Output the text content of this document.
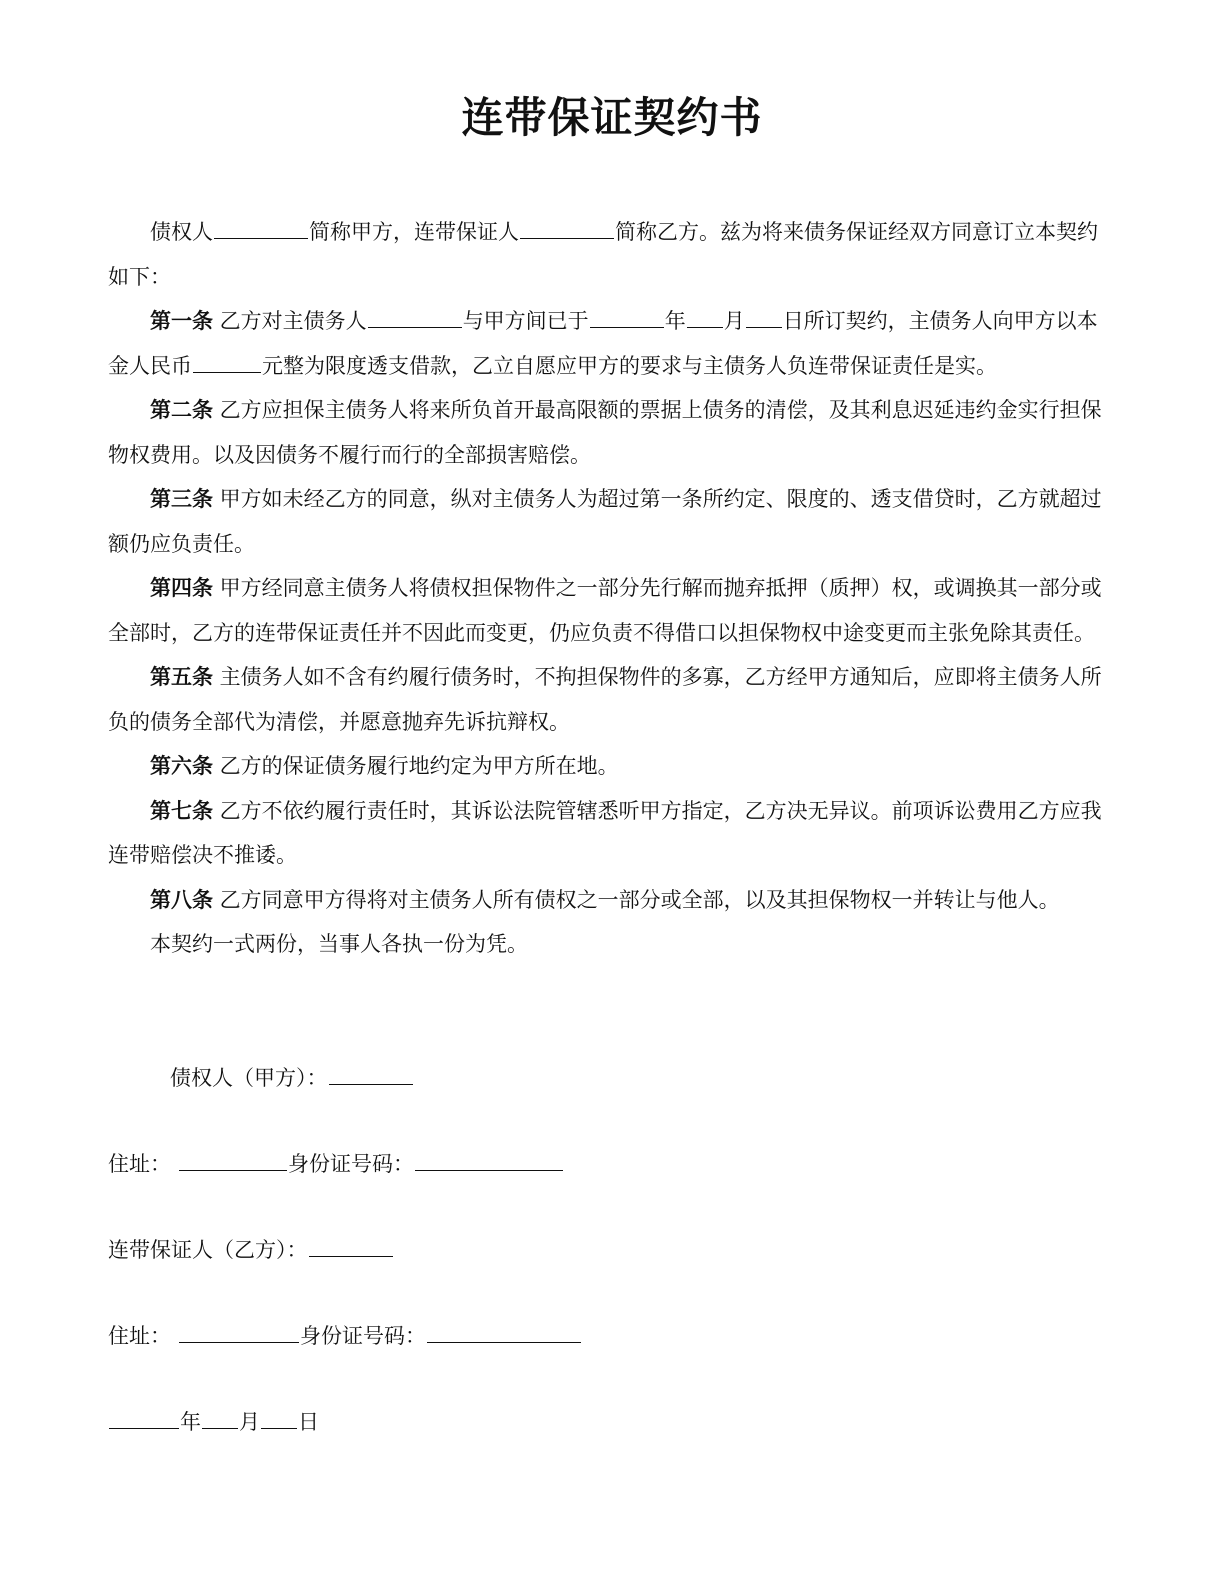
连带保证契约书

债权人	简称甲方，连带保证人	简称乙方。兹为将来债务保证经双方同意订立本契约如下：

第一条 乙方对主债务人	与甲方间已于	年 月 日所订契约，主债务人向甲方以本金人民币	元整为限度透支借款，乙立自愿应甲方的要求与主债务人负连带保证责任是实。

第二条 乙方应担保主债务人将来所负首开最高限额的票据上债务的清偿，及其利息迟延违约金实行担保物权费用。以及因债务不履行而行的全部损害赔偿。

第三条 甲方如未经乙方的同意，纵对主债务人为超过第一条所约定、限度的、透支借贷时，乙方就超过额仍应负责任。

第四条 甲方经同意主债务人将债权担保物件之一部分先行解而抛弃抵押（质押）权，或调换其一部分或全部时，乙方的连带保证责任并不因此而变更，仍应负责不得借口以担保物权中途变更而主张免除其责任。

第五条 主债务人如不含有约履行债务时，不拘担保物件的多寡，乙方经甲方通知后，应即将主债务人所负的债务全部代为清偿，并愿意抛弃先诉抗辩权。

第六条 乙方的保证债务履行地约定为甲方所在地。

第七条 乙方不依约履行责任时，其诉讼法院管辖悉听甲方指定，乙方决无异议。前项诉讼费用乙方应我连带赔偿决不推诿。

第八条 乙方同意甲方得将对主债务人所有债权之一部分或全部，以及其担保物权一并转让与他人。

本契约一式两份，当事人各执一份为凭。

债权人（甲方）：
住址：	身份证号码：
连带保证人（乙方）：
住址：	身份证号码：
年 月 日
